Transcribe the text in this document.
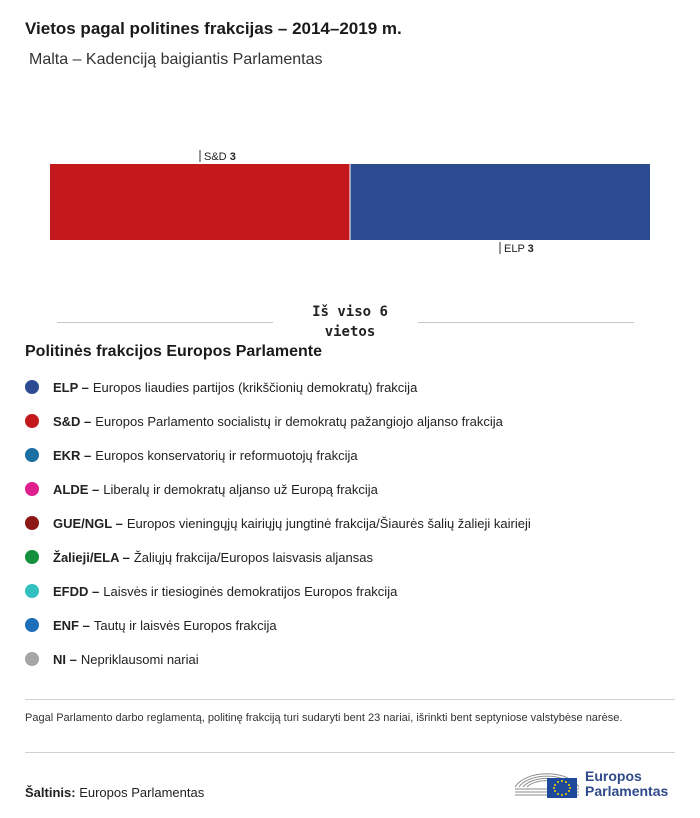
Vietos pagal politines frakcijas – 2014–2019 m.
Malta – Kadenciją baigiantis Parlamentas
S&D 3
ELP 3
Iš viso 6 vietos
Politinės frakcijos Europos Parlamente
ELP – Europos liaudies partijos (krikščionių demokratų) frakcija
S&D – Europos Parlamento socialistų ir demokratų pažangiojo aljanso frakcija
EKR – Europos konservatorių ir reformuotojų frakcija
ALDE – Liberalų ir demokratų aljanso už Europą frakcija
GUE/NGL – Europos vieningųjų kairiųjų jungtinė frakcija/Šiaurės šalių žalieji kairieji
Žalieji/ELA – Žaliųjų frakcija/Europos laisvasis aljansas
EFDD – Laisvės ir tiesioginės demokratijos Europos frakcija
ENF – Tautų ir laisvės Europos frakcija
NI – Nepriklausomi nariai
Pagal Parlamento darbo reglamentą, politinę frakciją turi sudaryti bent 23 nariai, išrinkti bent septyniose valstybėse narėse.
Šaltinis: Europos Parlamentas
Europos
Parlamentas
